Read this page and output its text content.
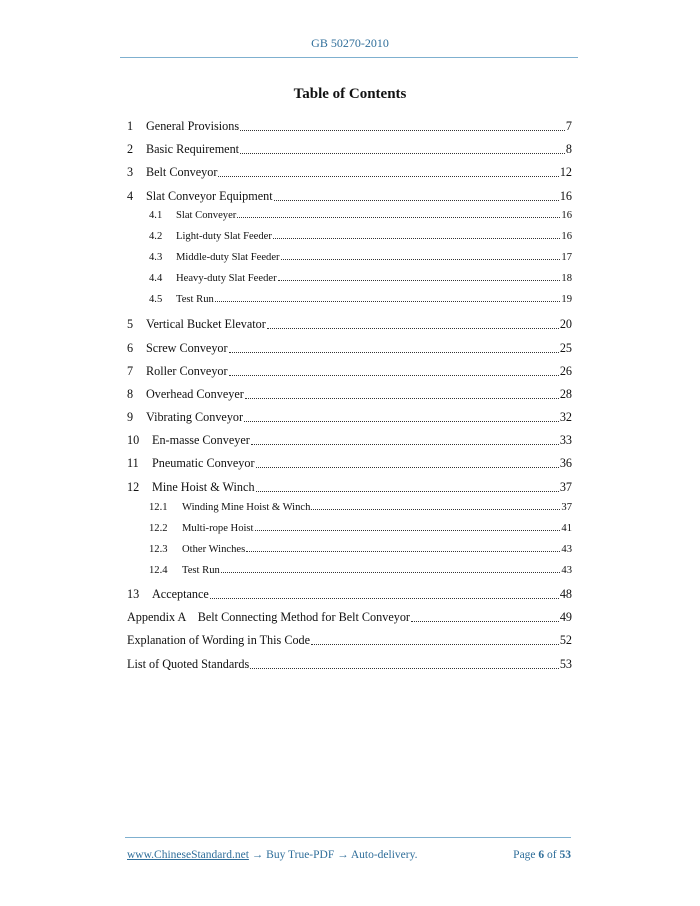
GB 50270-2010
Table of Contents
1	General Provisions	7
2	Basic Requirement	8
3	Belt Conveyor	12
4	Slat Conveyor Equipment	16
4.1	Slat Conveyer	16
4.2	Light-duty Slat Feeder	16
4.3	Middle-duty Slat Feeder	17
4.4	Heavy-duty Slat Feeder	18
4.5	Test Run	19
5	Vertical Bucket Elevator	20
6	Screw Conveyor	25
7	Roller Conveyor	26
8	Overhead Conveyer	28
9	Vibrating Conveyor	32
10	En-masse Conveyer	33
11	Pneumatic Conveyor	36
12	Mine Hoist & Winch	37
12.1	Winding Mine Hoist & Winch	37
12.2	Multi-rope Hoist	41
12.3	Other Winches	43
12.4	Test Run	43
13	Acceptance	48
Appendix A    Belt Connecting Method for Belt Conveyor	49
Explanation of Wording in This Code	52
List of Quoted Standards	53
www.ChineseStandard.net → Buy True-PDF → Auto-delivery.	Page 6 of 53
